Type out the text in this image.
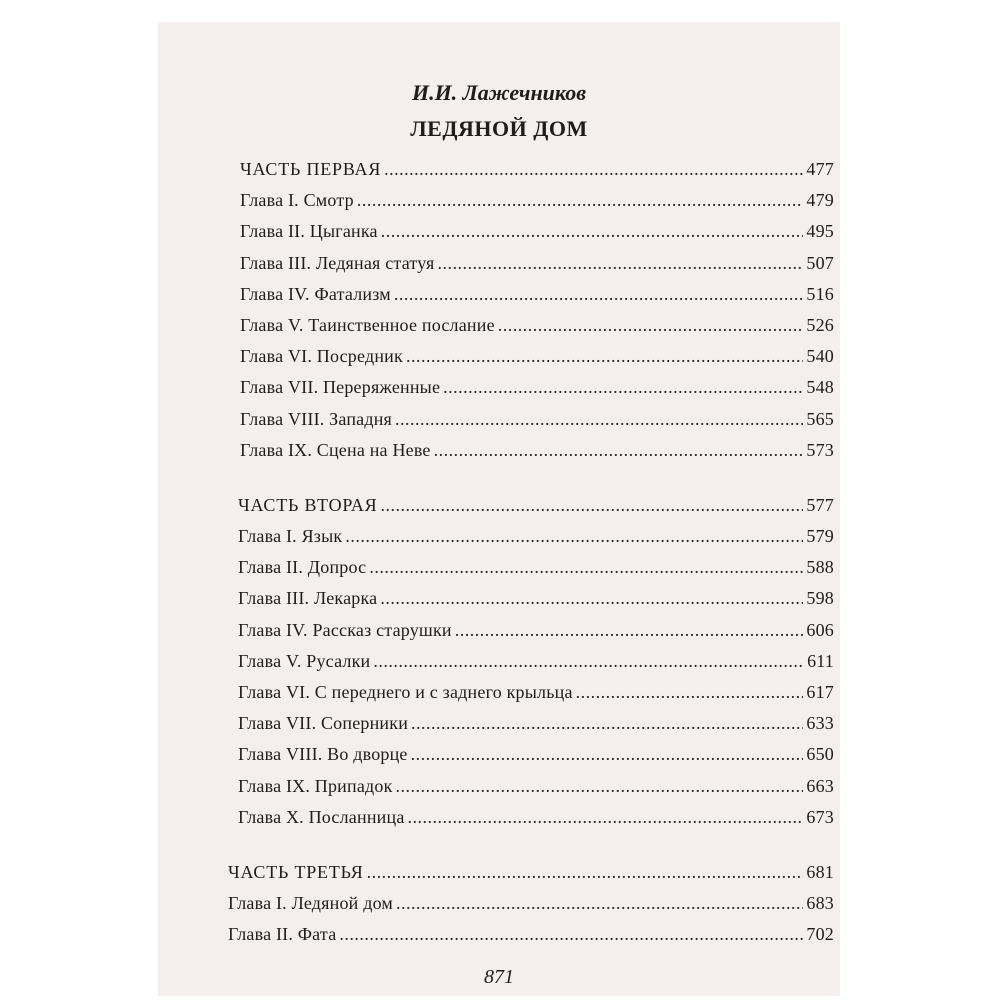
И.И. Лажечников
ЛЕДЯНОЙ ДОМ
ЧАСТЬ ПЕРВАЯ . . .	477
Глава I. Смотр . . .	479
Глава II. Цыганка . . .	495
Глава III. Ледяная статуя . . .	507
Глава IV. Фатализм . . .	516
Глава V. Таинственное послание . . .	526
Глава VI. Посредник . . .	540
Глава VII. Переряженные . . .	548
Глава VIII. Западня . . .	565
Глава IX. Сцена на Неве . . .	573
ЧАСТЬ ВТОРАЯ . . .	577
Глава I. Язык . . .	579
Глава II. Допрос . . .	588
Глава III. Лекарка . . .	598
Глава IV. Рассказ старушки . . .	606
Глава V. Русалки . . .	611
Глава VI. С переднего и с заднего крыльца . . .	617
Глава VII. Соперники . . .	633
Глава VIII. Во дворце . . .	650
Глава IX. Припадок . . .	663
Глава X. Посланница . . .	673
ЧАСТЬ ТРЕТЬЯ . . .	681
Глава I. Ледяной дом . . .	683
Глава II. Фата . . .	702
871
